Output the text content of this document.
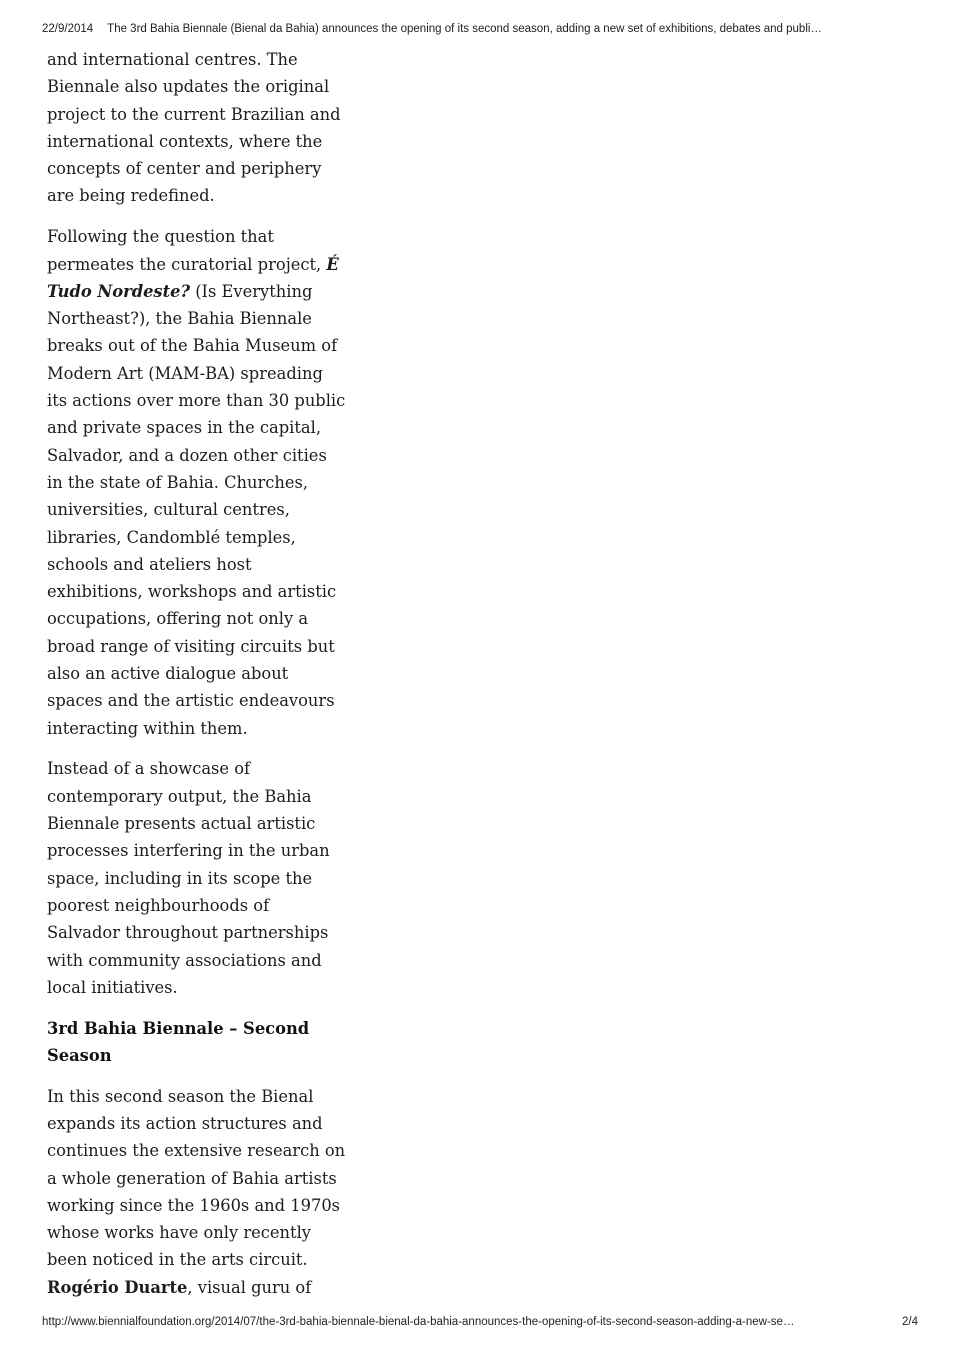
22/9/2014 The 3rd Bahia Biennale (Bienal da Bahia) announces the opening of its second season, adding a new set of exhibitions, debates and publi…

and international centres. The Biennale also updates the original project to the current Brazilian and international contexts, where the concepts of center and periphery are being redefined.

Following the question that permeates the curatorial project, É Tudo Nordeste? (Is Everything Northeast?), the Bahia Biennale breaks out of the Bahia Museum of Modern Art (MAM-BA) spreading its actions over more than 30 public and private spaces in the capital, Salvador, and a dozen other cities in the state of Bahia. Churches, universities, cultural centres, libraries, Candomblé temples, schools and ateliers host exhibitions, workshops and artistic occupations, offering not only a broad range of visiting circuits but also an active dialogue about spaces and the artistic endeavours interacting within them.

Instead of a showcase of contemporary output, the Bahia Biennale presents actual artistic processes interfering in the urban space, including in its scope the poorest neighbourhoods of Salvador throughout partnerships with community associations and local initiatives.

3rd Bahia Biennale – Second Season

In this second season the Bienal expands its action structures and continues the extensive research on a whole generation of Bahia artists working since the 1960s and 1970s whose works have only recently been noticed in the arts circuit. Rogério Duarte, visual guru of

http://www.biennialfoundation.org/2014/07/the-3rd-bahia-biennale-bienal-da-bahia-announces-the-opening-of-its-second-season-adding-a-new-se…	2/4
